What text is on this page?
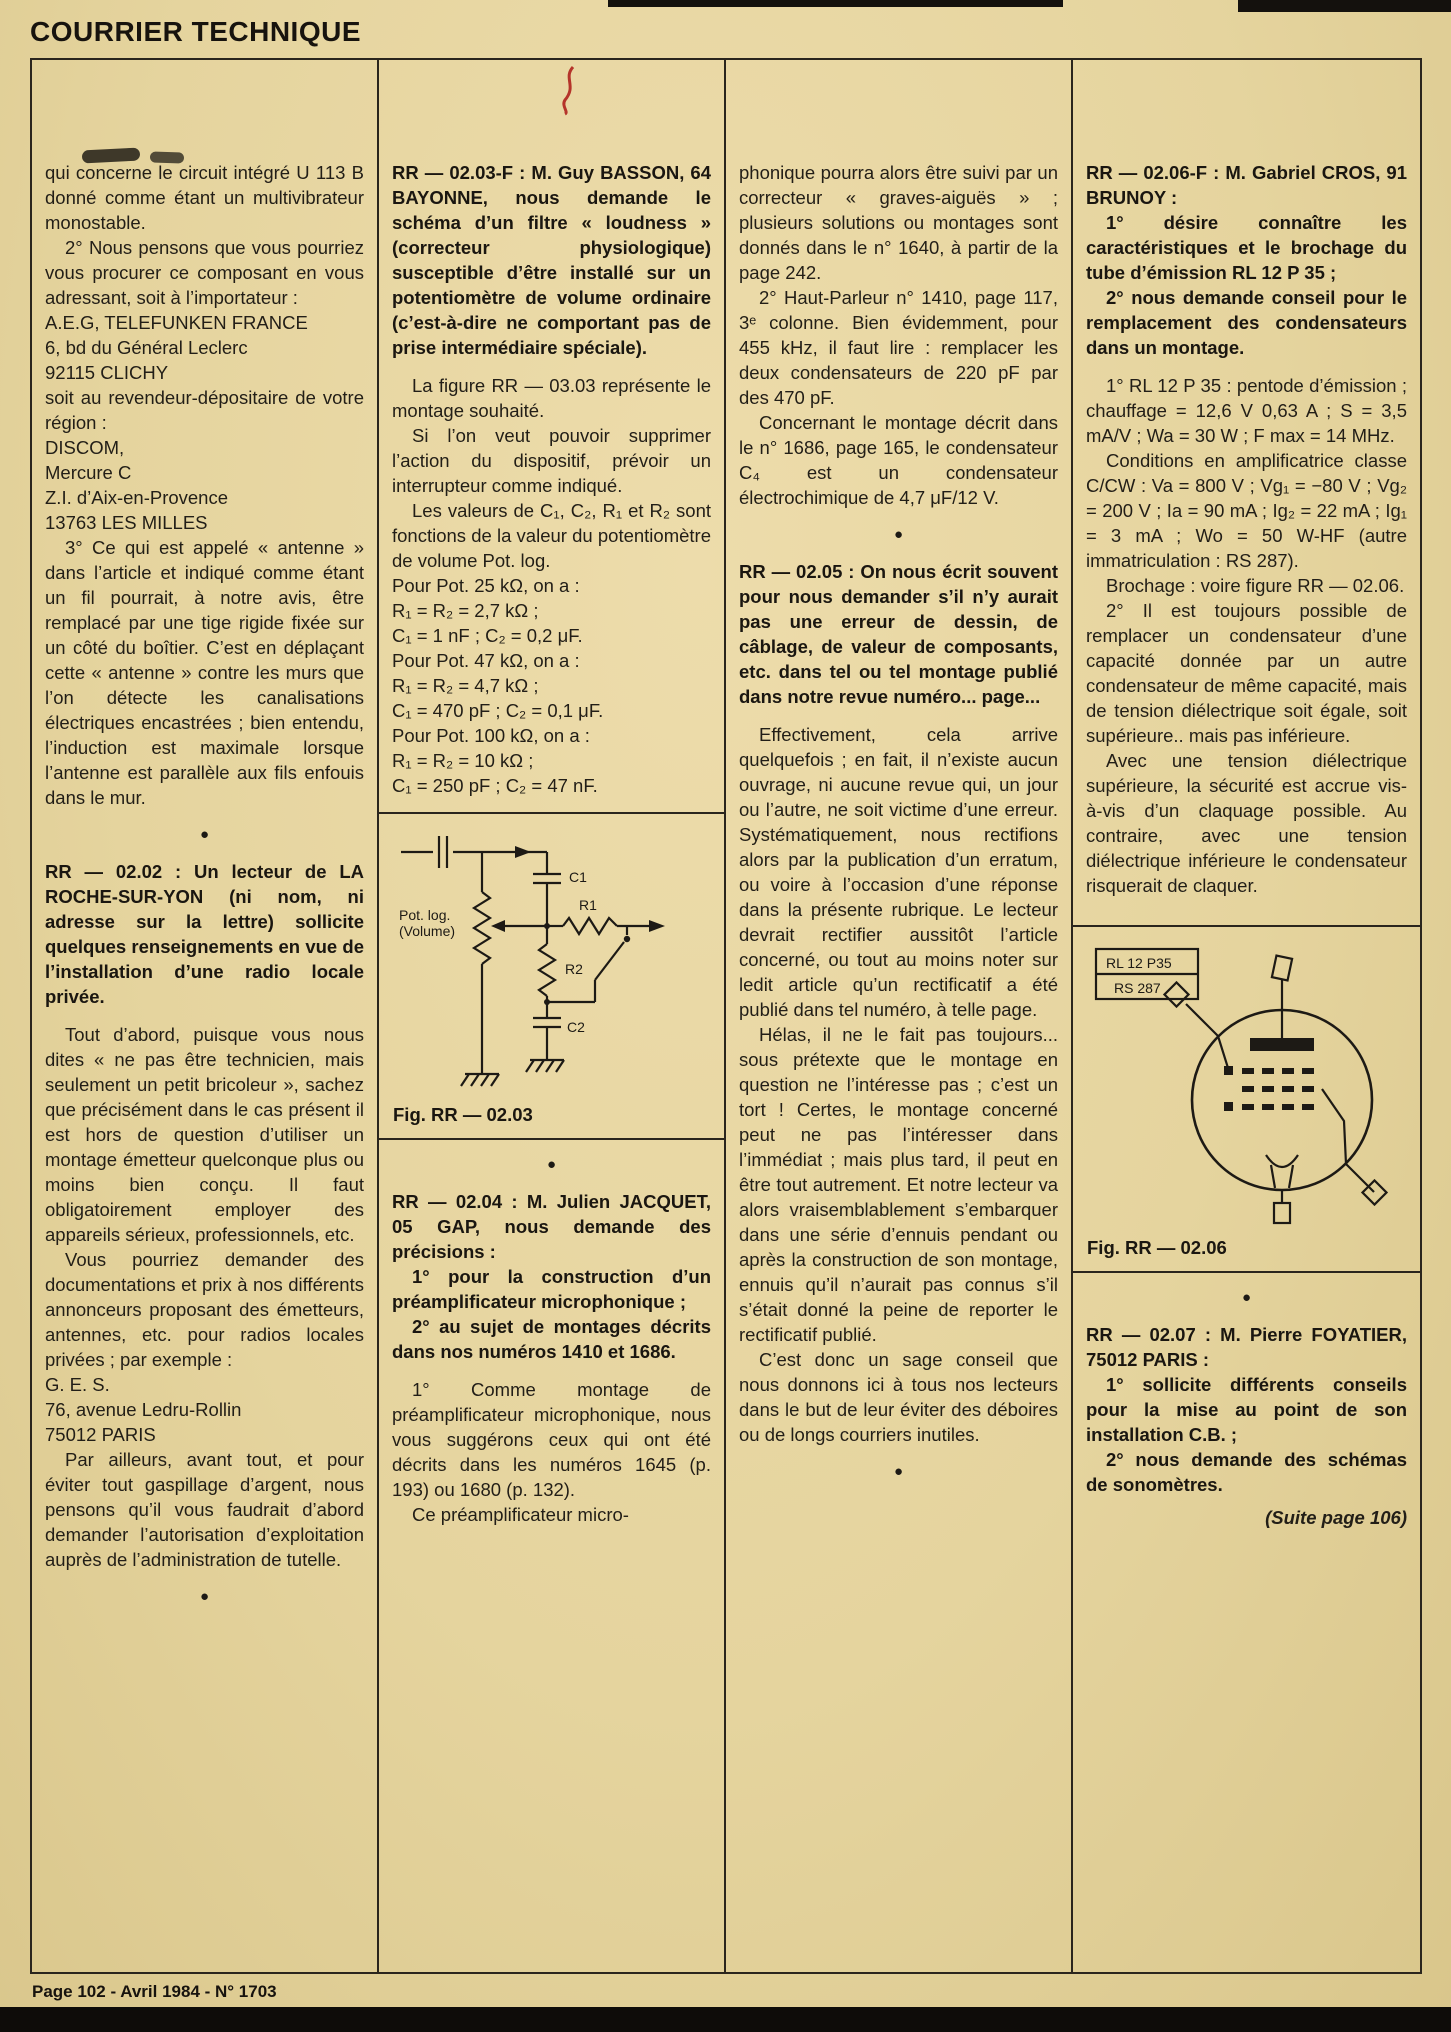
COURRIER TECHNIQUE
qui concerne le circuit intégré U 113 B donné comme étant un multivibrateur monostable.
2° Nous pensons que vous pourriez vous procurer ce composant en vous adressant, soit à l’importateur :
A.E.G, TELEFUNKEN FRANCE
6, bd du Général Leclerc
92115 CLICHY
soit au revendeur-dépositaire de votre région :
DISCOM,
Mercure C
Z.I. d’Aix-en-Provence
13763 LES MILLES
3° Ce qui est appelé « antenne » dans l’article et indiqué comme étant un fil pourrait, à notre avis, être remplacé par une tige rigide fixée sur un côté du boîtier. C’est en déplaçant cette « antenne » contre les murs que l’on détecte les canalisations électriques encastrées ; bien entendu, l’induction est maximale lorsque l’antenne est parallèle aux fils enfouis dans le mur.
●
RR — 02.02 : Un lecteur de LA ROCHE-SUR-YON (ni nom, ni adresse sur la lettre) sollicite quelques renseignements en vue de l’installation d’une radio locale privée.
Tout d’abord, puisque vous nous dites « ne pas être technicien, mais seulement un petit bricoleur », sachez que précisément dans le cas présent il est hors de question d’utiliser un montage émetteur quelconque plus ou moins bien conçu. Il faut obligatoirement employer des appareils sérieux, professionnels, etc.
Vous pourriez demander des documentations et prix à nos différents annonceurs proposant des émetteurs, antennes, etc. pour radios locales privées ; par exemple :
G. E. S.
76, avenue Ledru-Rollin
75012 PARIS
Par ailleurs, avant tout, et pour éviter tout gaspillage d’argent, nous pensons qu’il vous faudrait d’abord demander l’autorisation d’exploitation auprès de l’administration de tutelle.
●
RR — 02.03-F : M. Guy BASSON, 64 BAYONNE, nous demande le schéma d’un filtre « loudness » (correcteur physiologique) susceptible d’être installé sur un potentiomètre de volume ordinaire (c’est-à-dire ne comportant pas de prise intermédiaire spéciale).
La figure RR — 03.03 représente le montage souhaité.
Si l’on veut pouvoir supprimer l’action du dispositif, prévoir un interrupteur comme indiqué.
Les valeurs de C₁, C₂, R₁ et R₂ sont fonctions de la valeur du potentiomètre de volume Pot. log.
Pour Pot. 25 kΩ, on a :
R₁ = R₂ = 2,7 kΩ ;
C₁ = 1 nF ; C₂ = 0,2 μF.
Pour Pot. 47 kΩ, on a :
R₁ = R₂ = 4,7 kΩ ;
C₁ = 470 pF ; C₂ = 0,1 μF.
Pour Pot. 100 kΩ, on a :
R₁ = R₂ = 10 kΩ ;
C₁ = 250 pF ; C₂ = 47 nF.
Pot. log.
(Volume)
C1
R1
R2
C2
Fig. RR — 02.03
●
RR — 02.04 : M. Julien JACQUET, 05 GAP, nous demande des précisions :
1° pour la construction d’un préamplificateur microphonique ;
2° au sujet de montages décrits dans nos numéros 1410 et 1686.
1° Comme montage de préamplificateur microphonique, nous vous suggérons ceux qui ont été décrits dans les numéros 1645 (p. 193) ou 1680 (p. 132).
Ce préamplificateur micro-
phonique pourra alors être suivi par un correcteur « graves-aiguës » ; plusieurs solutions ou montages sont donnés dans le n° 1640, à partir de la page 242.
2° Haut-Parleur n° 1410, page 117, 3ᵉ colonne. Bien évidemment, pour 455 kHz, il faut lire : remplacer les deux condensateurs de 220 pF par des 470 pF.
Concernant le montage décrit dans le n° 1686, page 165, le condensateur C₄ est un condensateur électrochimique de 4,7 μF/12 V.
●
RR — 02.05 : On nous écrit souvent pour nous demander s’il n’y aurait pas une erreur de dessin, de câblage, de valeur de composants, etc. dans tel ou tel montage publié dans notre revue numéro... page...
Effectivement, cela arrive quelquefois ; en fait, il n’existe aucun ouvrage, ni aucune revue qui, un jour ou l’autre, ne soit victime d’une erreur. Systématiquement, nous rectifions alors par la publication d’un erratum, ou voire à l’occasion d’une réponse dans la présente rubrique. Le lecteur devrait rectifier aussitôt l’article concerné, ou tout au moins noter sur ledit article qu’un rectificatif a été publié dans tel numéro, à telle page.
Hélas, il ne le fait pas toujours... sous prétexte que le montage en question ne l’intéresse pas ; c’est un tort ! Certes, le montage concerné peut ne pas l’intéresser dans l’immédiat ; mais plus tard, il peut en être tout autrement. Et notre lecteur va alors vraisemblablement s’embarquer dans une série d’ennuis pendant ou après la construction de son montage, ennuis qu’il n’aurait pas connus s’il s’était donné la peine de reporter le rectificatif publié.
C’est donc un sage conseil que nous donnons ici à tous nos lecteurs dans le but de leur éviter des déboires ou de longs courriers inutiles.
●
RR — 02.06-F : M. Gabriel CROS, 91 BRUNOY :
1° désire connaître les caractéristiques et le brochage du tube d’émission RL 12 P 35 ;
2° nous demande conseil pour le remplacement des condensateurs dans un montage.
1° RL 12 P 35 : pentode d’émission ; chauffage = 12,6 V 0,63 A ; S = 3,5 mA/V ; Wa = 30 W ; F max = 14 MHz.
Conditions en amplificatrice classe C/CW : Va = 800 V ; Vg₁ = −80 V ; Vg₂ = 200 V ; Ia = 90 mA ; Ig₂ = 22 mA ; Ig₁ = 3 mA ; Wo = 50 W-HF (autre immatriculation : RS 287).
Brochage : voire figure RR — 02.06.
2° Il est toujours possible de remplacer un condensateur d’une capacité donnée par un autre condensateur de même capacité, mais de tension diélectrique soit égale, soit supérieure.. mais pas inférieure.
Avec une tension diélectrique supérieure, la sécurité est accrue vis-à-vis d’un claquage possible. Au contraire, avec une tension diélectrique inférieure le condensateur risquerait de claquer.
RL 12 P35
RS 287
Fig. RR — 02.06
●
RR — 02.07 : M. Pierre FOYATIER, 75012 PARIS :
1° sollicite différents conseils pour la mise au point de son installation C.B. ;
2° nous demande des schémas de sonomètres.
(Suite page 106)
Page 102 - Avril 1984 - N° 1703
